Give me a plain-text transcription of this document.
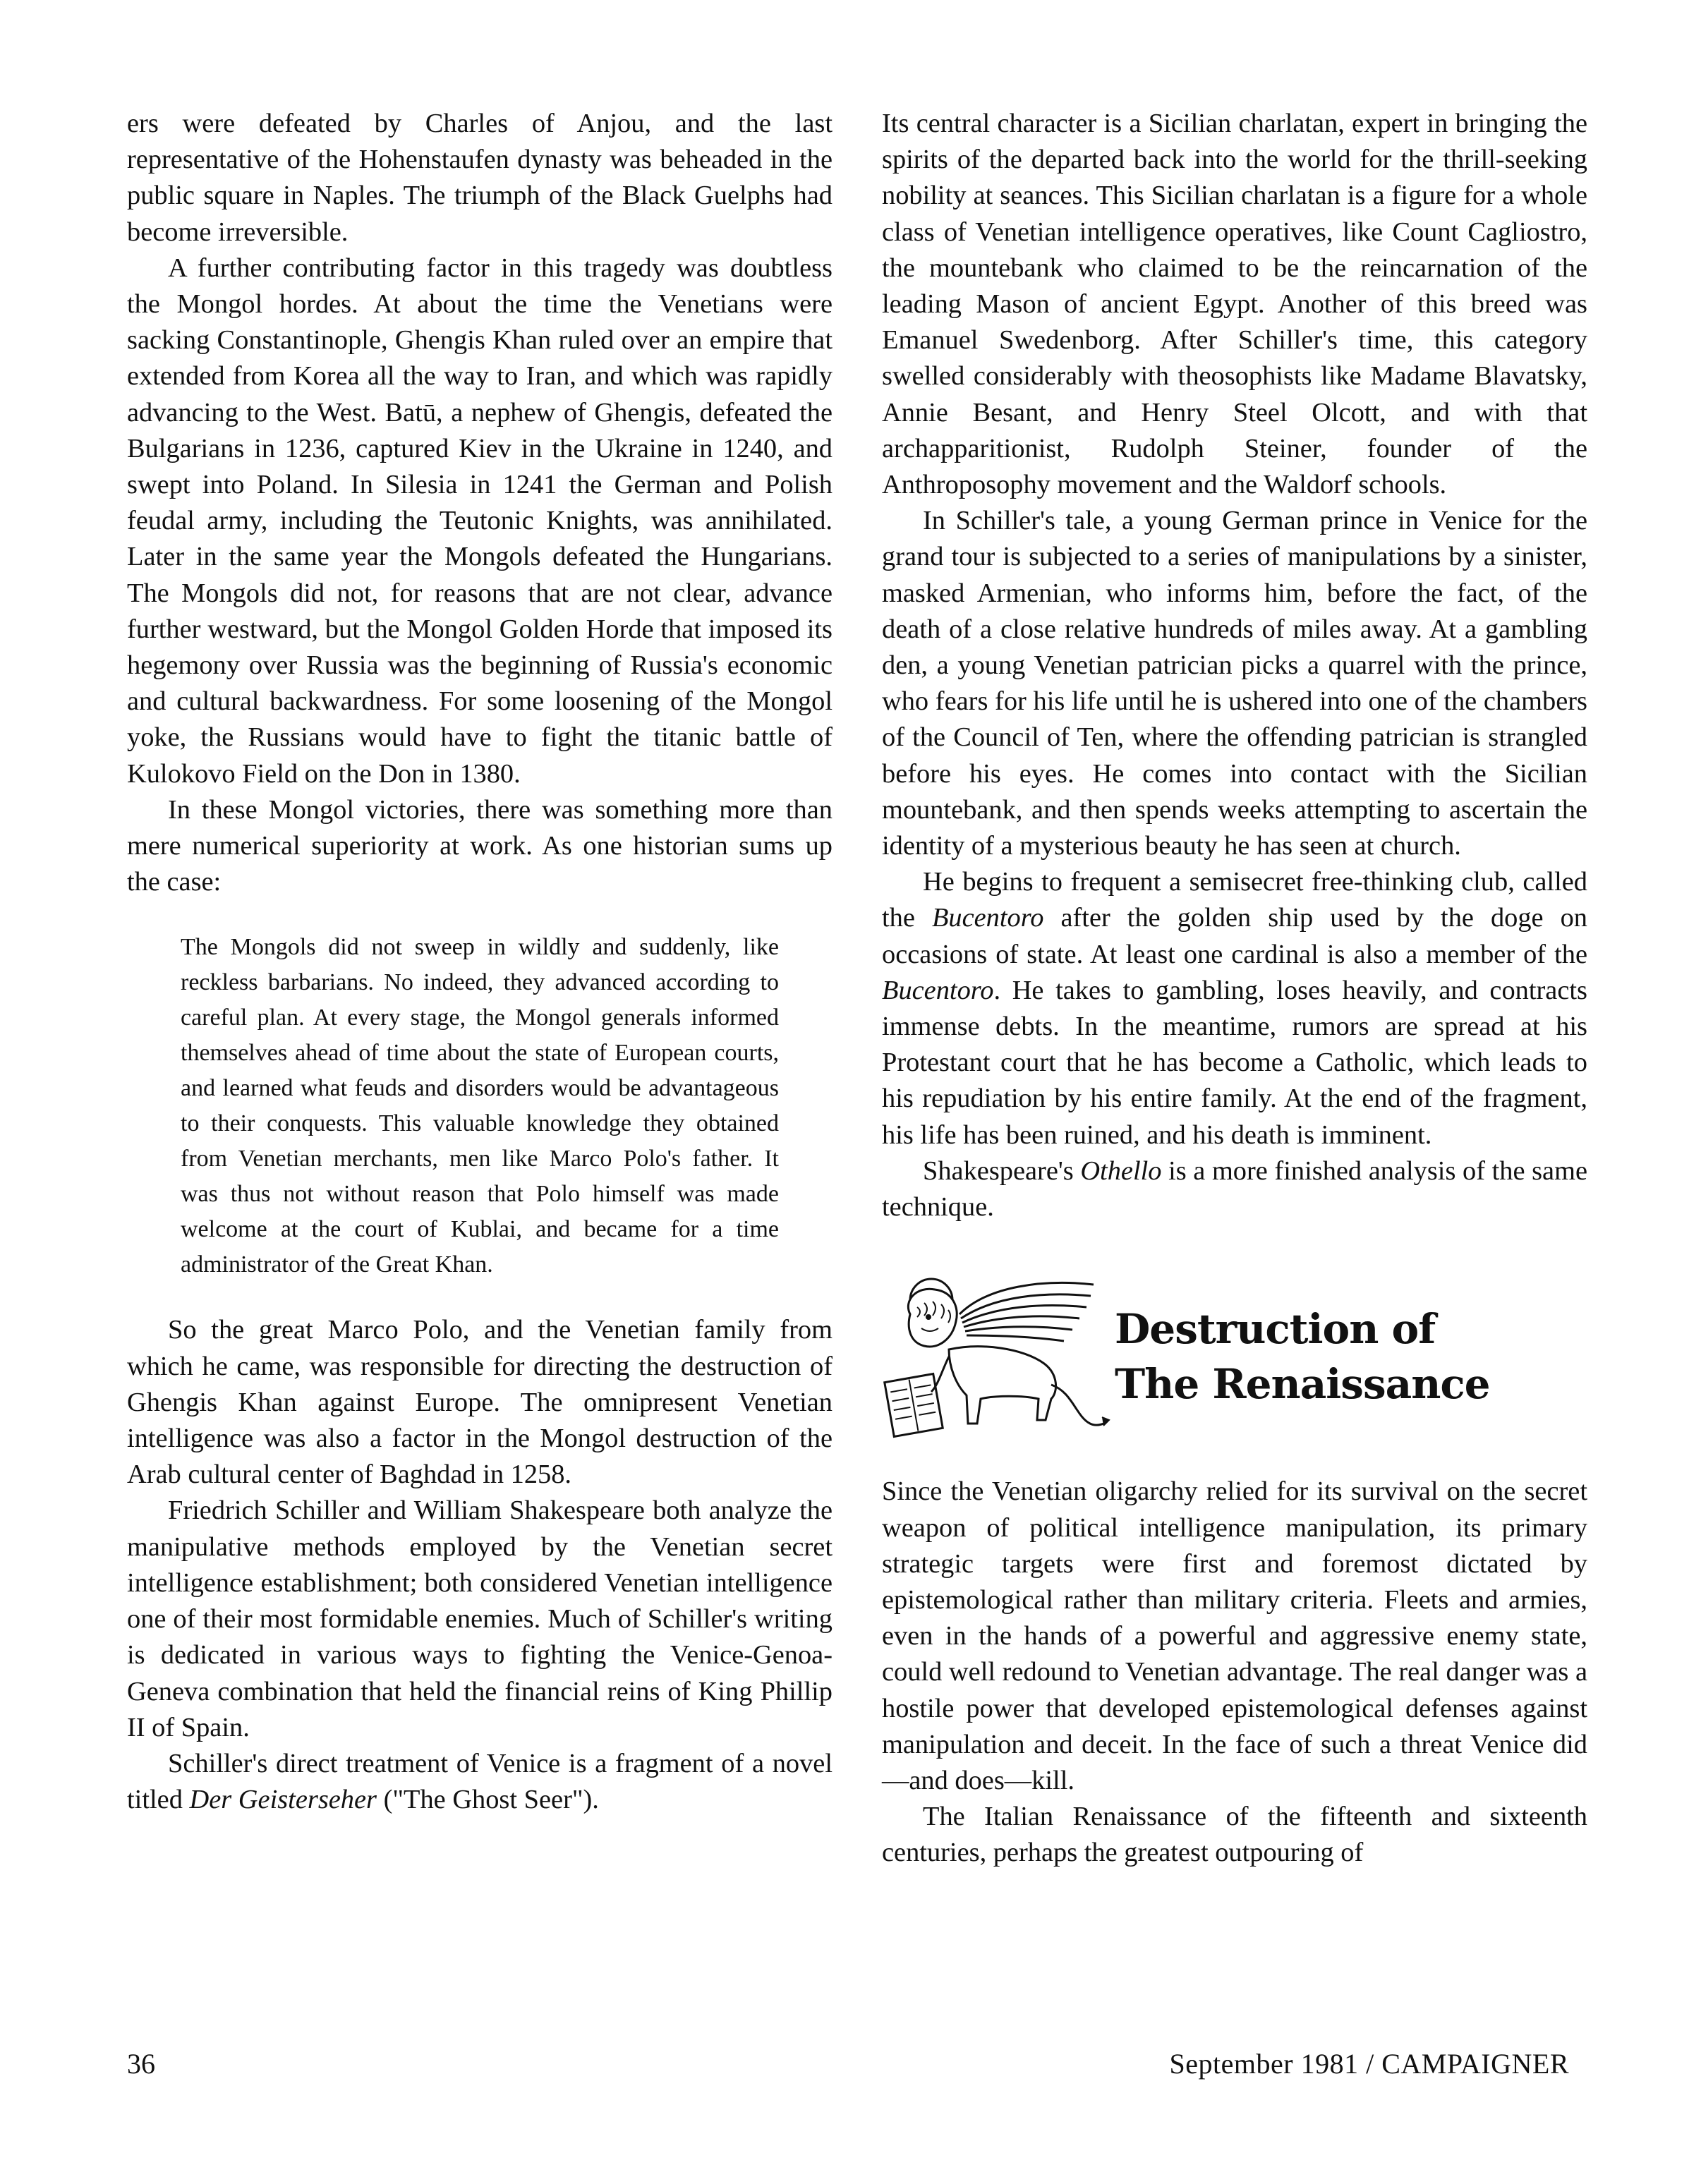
ers were defeated by Charles of Anjou, and the last representative of the Hohenstaufen dynasty was beheaded in the public square in Naples. The triumph of the Black Guelphs had become irreversible.

A further contributing factor in this tragedy was doubtless the Mongol hordes. At about the time the Venetians were sacking Constantinople, Ghengis Khan ruled over an empire that extended from Korea all the way to Iran, and which was rapidly advancing to the West. Batū, a nephew of Ghengis, defeated the Bulgarians in 1236, captured Kiev in the Ukraine in 1240, and swept into Poland. In Silesia in 1241 the German and Polish feudal army, including the Teutonic Knights, was annihilated. Later in the same year the Mongols defeated the Hungarians. The Mongols did not, for reasons that are not clear, advance further westward, but the Mongol Golden Horde that imposed its hegemony over Russia was the beginning of Russia's economic and cultural backwardness. For some loosening of the Mongol yoke, the Russians would have to fight the titanic battle of Kulokovo Field on the Don in 1380.

In these Mongol victories, there was something more than mere numerical superiority at work. As one historian sums up the case:

The Mongols did not sweep in wildly and suddenly, like reckless barbarians. No indeed, they advanced according to careful plan. At every stage, the Mongol generals informed themselves ahead of time about the state of European courts, and learned what feuds and disorders would be advantageous to their conquests. This valuable knowledge they obtained from Venetian merchants, men like Marco Polo's father. It was thus not without reason that Polo himself was made welcome at the court of Kublai, and became for a time administrator of the Great Khan.

So the great Marco Polo, and the Venetian family from which he came, was responsible for directing the destruction of Ghengis Khan against Europe. The omnipresent Venetian intelligence was also a factor in the Mongol destruction of the Arab cultural center of Baghdad in 1258.

Friedrich Schiller and William Shakespeare both analyze the manipulative methods employed by the Venetian secret intelligence establishment; both considered Venetian intelligence one of their most formidable enemies. Much of Schiller's writing is dedicated in various ways to fighting the Venice-Genoa-Geneva combination that held the financial reins of King Phillip II of Spain.

Schiller's direct treatment of Venice is a fragment of a novel titled Der Geisterseher ("The Ghost Seer").

Its central character is a Sicilian charlatan, expert in bringing the spirits of the departed back into the world for the thrill-seeking nobility at seances. This Sicilian charlatan is a figure for a whole class of Venetian intelligence operatives, like Count Cagliostro, the mountebank who claimed to be the reincarnation of the leading Mason of ancient Egypt. Another of this breed was Emanuel Swedenborg. After Schiller's time, this category swelled considerably with theosophists like Madame Blavatsky, Annie Besant, and Henry Steel Olcott, and with that archapparitionist, Rudolph Steiner, founder of the Anthroposophy movement and the Waldorf schools.

In Schiller's tale, a young German prince in Venice for the grand tour is subjected to a series of manipulations by a sinister, masked Armenian, who informs him, before the fact, of the death of a close relative hundreds of miles away. At a gambling den, a young Venetian patrician picks a quarrel with the prince, who fears for his life until he is ushered into one of the chambers of the Council of Ten, where the offending patrician is strangled before his eyes. He comes into contact with the Sicilian mountebank, and then spends weeks attempting to ascertain the identity of a mysterious beauty he has seen at church.

He begins to frequent a semisecret free-thinking club, called the Bucentoro after the golden ship used by the doge on occasions of state. At least one cardinal is also a member of the Bucentoro. He takes to gambling, loses heavily, and contracts immense debts. In the meantime, rumors are spread at his Protestant court that he has become a Catholic, which leads to his repudiation by his entire family. At the end of the fragment, his life has been ruined, and his death is imminent.

Shakespeare's Othello is a more finished analysis of the same technique.

Destruction of
The Renaissance

Since the Venetian oligarchy relied for its survival on the secret weapon of political intelligence manipulation, its primary strategic targets were first and foremost dictated by epistemological rather than military criteria. Fleets and armies, even in the hands of a powerful and aggressive enemy state, could well redound to Venetian advantage. The real danger was a hostile power that developed epistemological defenses against manipulation and deceit. In the face of such a threat Venice did—and does—kill.

The Italian Renaissance of the fifteenth and sixteenth centuries, perhaps the greatest outpouring of

36	September 1981 / CAMPAIGNER
